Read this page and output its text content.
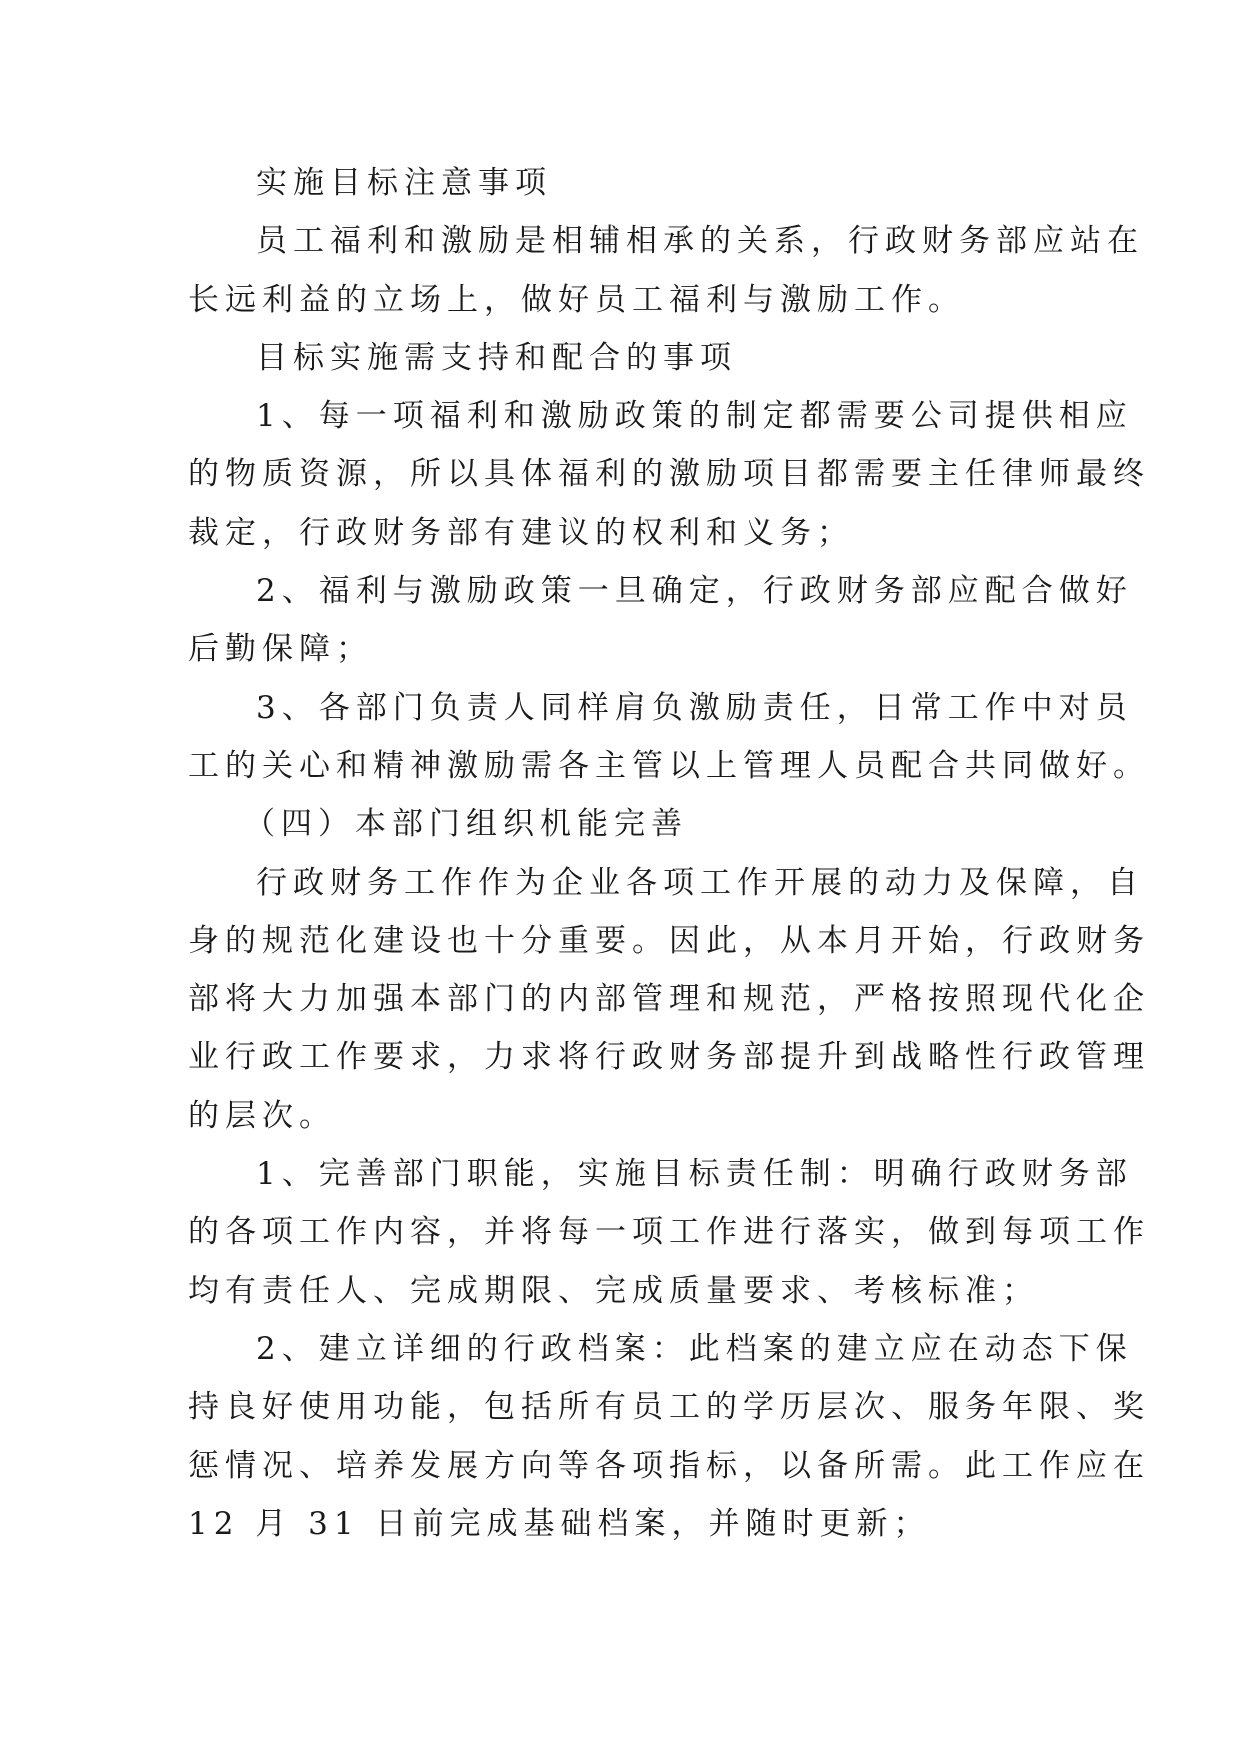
实施目标注意事项
员工福利和激励是相辅相承的关系，行政财务部应站在
长远利益的立场上，做好员工福利与激励工作。
目标实施需支持和配合的事项
1、每一项福利和激励政策的制定都需要公司提供相应
的物质资源，所以具体福利的激励项目都需要主任律师最终
裁定，行政财务部有建议的权利和义务；
2、福利与激励政策一旦确定，行政财务部应配合做好
后勤保障；
3、各部门负责人同样肩负激励责任，日常工作中对员
工的关心和精神激励需各主管以上管理人员配合共同做好。
（四）本部门组织机能完善
行政财务工作作为企业各项工作开展的动力及保障，自
身的规范化建设也十分重要。因此，从本月开始，行政财务
部将大力加强本部门的内部管理和规范，严格按照现代化企
业行政工作要求，力求将行政财务部提升到战略性行政管理
的层次。
1、完善部门职能，实施目标责任制：明确行政财务部
的各项工作内容，并将每一项工作进行落实，做到每项工作
均有责任人、完成期限、完成质量要求、考核标准；
2、建立详细的行政档案：此档案的建立应在动态下保
持良好使用功能，包括所有员工的学历层次、服务年限、奖
惩情况、培养发展方向等各项指标，以备所需。此工作应在
12 月 31 日前完成基础档案，并随时更新；
